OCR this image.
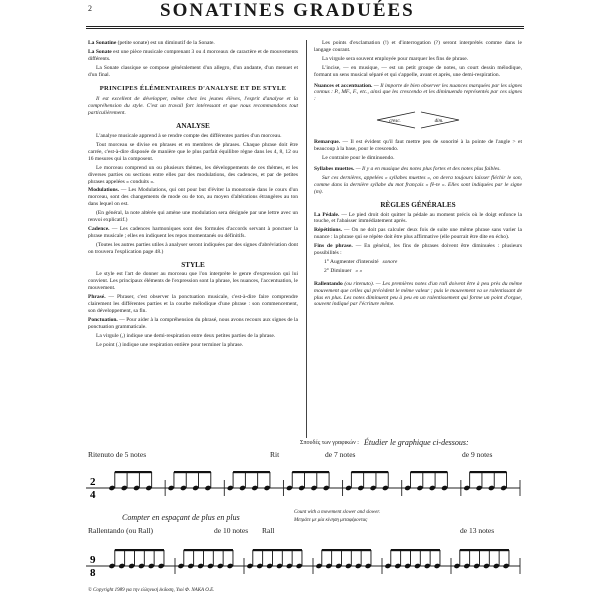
2	SONATINES GRADUÉES

La Sonatine (petite sonate) est un diminutif de la Sonate.

La Sonate est une pièce musicale comprenant 3 ou 4 morceaux de caractère et de mouvements différents.

La Sonate classique se compose généralement d'un allegro, d'un andante, d'un menuet et d'un final.

PRINCIPES ÉLÉMENTAIRES D'ANALYSE ET DE STYLE

Il est excellent de développer, même chez les jeunes élèves, l'esprit d'analyse et la compréhension du style. C'est un travail fort intéressant et que nous recommandons tout particulièrement.

ANALYSE

L'analyse musicale apprend à se rendre compte des différentes parties d'un morceau.

Tout morceau se divise en phrases et en membres de phrases. Chaque phrase doit être carrée, c'est-à-dire disposée de manière que le plus parfait équilibre règne dans les 4, 8, 12 ou 16 mesures qui la composent.

Le morceau comprend un ou plusieurs thèmes, les développements de ces thèmes, et les diverses parties ou sections entre elles par des modulations, des cadences, et par de petites phrases appelées « conduits ».

Modulations. — Les Modulations, qui ont pour but d'éviter la monotonie dans le cours d'un morceau, sont des changements de mode ou de ton, au moyen d'altérations étrangères au ton dans lequel on est.

(En général, la note altérée qui amène une modulation sera désignée par une lettre avec un renvoi explicatif.)

Cadence. — Les cadences harmoniques sont des formules d'accords servant à ponctuer la phrase musicale ; elles en indiquent les repos momentanés ou définitifs.

(Toutes les autres parties utiles à analyser seront indiquées par des signes d'abréviation dont on trouvera l'explication page 48.)

STYLE

Le style est l'art de donner au morceau que l'on interprète le genre d'expression qui lui convient. Les principaux éléments de l'expression sont la phrase, les nuances, l'accentuation, le mouvement.

Phrasé. — Phraser, c'est observer la ponctuation musicale, c'est-à-dire faire comprendre clairement les différentes parties et la courbe mélodique d'une phrase : son commencement, son développement, sa fin.

Ponctuation. — Pour aider à la compréhension du phrasé, nous avons recours aux signes de la ponctuation grammaticale.

La virgule (,) indique une demi-respiration entre deux petites parties de la phrase.

Le point (.) indique une respiration entière pour terminer la phrase.

Les points d'exclamation (!) et d'interrogation (?) seront interprétés comme dans le langage courant.

La virgule sera souvent employée pour marquer les fins de phrase.

L'incise, — en musique, — est un petit groupe de notes, un court dessin mélodique, formant un sens musical séparé et qui s'appelle, avant et après, une demi-respiration.

Nuances et accentuation. — Il importe de bien observer les nuances marquées par les signes connus : P., MF., F., etc., ainsi que les crescendo et les diminuendo représentés par ces signes :

cresc.	dim.

Remarque. — Il est évident qu'il faut mettre peu de sonorité à la pointe de l'angle > et beaucoup à la base, pour le crescendo.

Le contraire pour le diminuendo.

Syllabes muettes. — Il y a en musique des notes plus fortes et des notes plus faibles.

Sur ces dernières, appelées « syllabes muettes », on devra toujours laisser fléchir le son, comme dans la dernière syllabe du mot français « fê-te ». Elles sont indiquées par le signe (m).

RÈGLES GÉNÉRALES

La Pédale. — Le pied droit doit quitter la pédale au moment précis où le doigt enfonce la touche, et l'abaisser immédiatement après.

Répétitions. — On ne doit pas calculer deux fois de suite une même phrase sans varier la nuance : la phrase qui se répète doit être plus affirmative (elle pourrait être dite en écho).

Fins de phrase. — En général, les fins de phrases doivent être diminuées : plusieurs possibilités :

1° Augmenter d'intensité sonore
2° Diminuer » »

Rallentando (ou ritenuto). — Les premières notes d'un rall doivent être à peu près du même mouvement que celles qui précèdent le même valeur ; puis le mouvement va se ralentissant de plus en plus. Les notes diminuent peu à peu en un ralentissement qui forme un point d'orgue, souvent indiqué par l'écriture même.

Σπουδές των γραφικών : Étudier le graphique ci-dessous:
Ritenuto de 5 notes	Rit	de 7 notes	de 9 notes
2
4
Compter en espaçant de plus en plus
Count with a movement slower and slower.
Μετράτε με μία κίνηση μεταφέροντας
Rallentando (ou Rall)	de 10 notes Rall	de 13 notes
9
8
© Copyright 1989 για την ελληνική έκδοση, Υιοί Φ. ΝΑΚΑ Ο.Ε.
